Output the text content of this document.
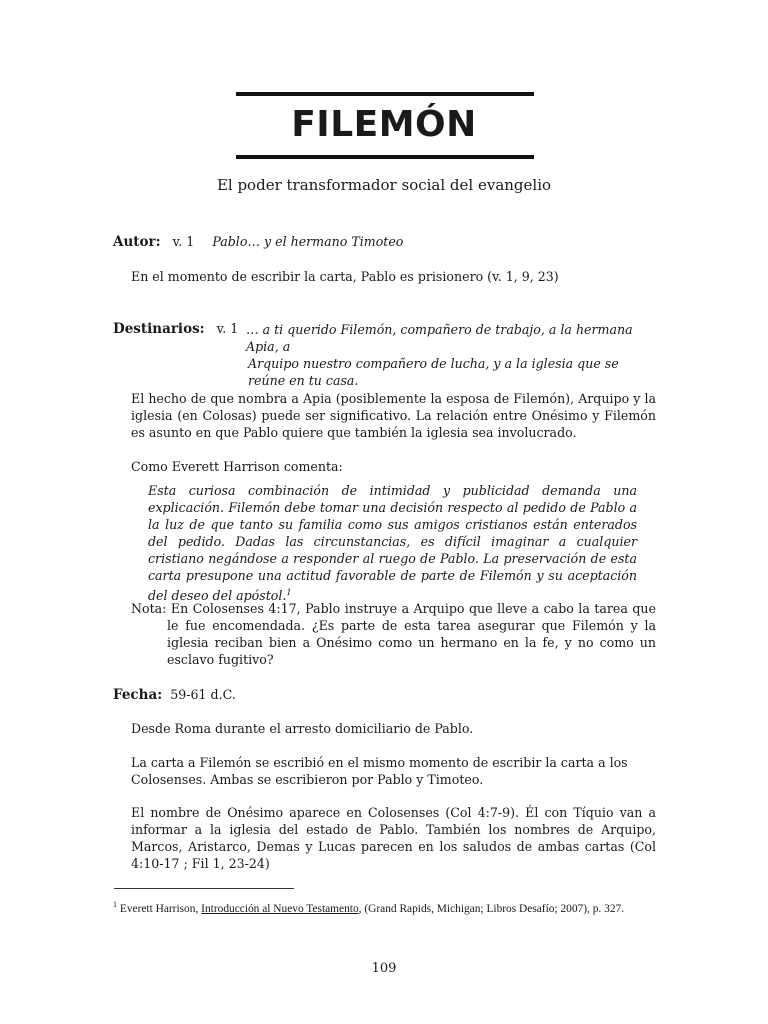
FILEMÓN
El poder transformador social del evangelio
Autor: v. 1 Pablo… y el hermano Timoteo
En el momento de escribir la carta, Pablo es prisionero (v. 1, 9, 23)
Destinarios: v. 1 … a ti querido Filemón, compañero de trabajo, a la hermana Apia, a
Arquipo nuestro compañero de lucha, y a la iglesia que se reúne en tu casa.
El hecho de que nombra a Apia (posiblemente la esposa de Filemón), Arquipo y la iglesia (en Colosas) puede ser significativo. La relación entre Onésimo y Filemón es asunto en que Pablo quiere que también la iglesia sea involucrado.
Como Everett Harrison comenta:
Esta curiosa combinación de intimidad y publicidad demanda una explicación. Filemón debe tomar una decisión respecto al pedido de Pablo a la luz de que tanto su familia como sus amigos cristianos están enterados del pedido. Dadas las circunstancias, es difícil imaginar a cualquier cristiano negándose a responder al ruego de Pablo. La preservación de esta carta presupone una actitud favorable de parte de Filemón y su aceptación del deseo del apóstol.$^1$
Nota: En Colosenses 4:17, Pablo instruye a Arquipo que lleve a cabo la tarea que le fue encomendada. ¿Es parte de esta tarea asegurar que Filemón y la iglesia reciban bien a Onésimo como un hermano en la fe, y no como un esclavo fugitivo?
Fecha: 59-61 d.C.
Desde Roma durante el arresto domiciliario de Pablo.
La carta a Filemón se escribió en el mismo momento de escribir la carta a los Colosenses. Ambas se escribieron por Pablo y Timoteo.
El nombre de Onésimo aparece en Colosenses (Col 4:7-9). Él con Tíquio van a informar a la iglesia del estado de Pablo. También los nombres de Arquipo, Marcos, Aristarco, Demas y Lucas parecen en los saludos de ambas cartas (Col 4:10-17 ; Fil 1, 23-24)
$^1$ Everett Harrison, Introducción al Nuevo Testamento, (Grand Rapids, Michigan; Libros Desafío; 2007), p. 327.
109
